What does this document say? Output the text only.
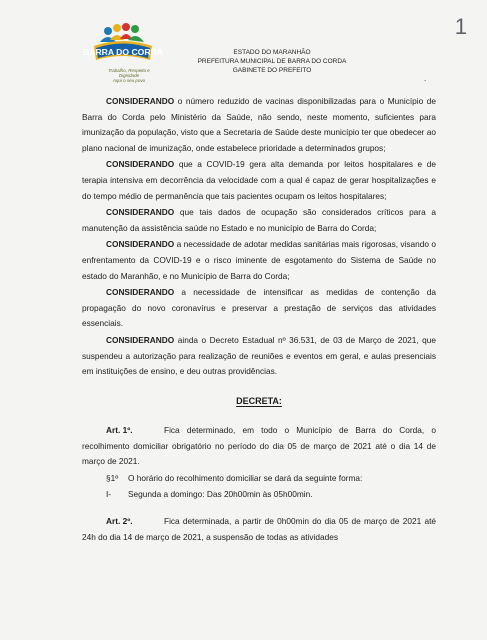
BARRA DO CORDA
Trabalho, Respeito e Dignidade
Aqui o seu povo
ESTADO DO MARANHÃO
PREFEITURA MUNICIPAL DE BARRA DO CORDA
GABINETE DO PREFEITO
.

CONSIDERANDO o número reduzido de vacinas disponibilizadas para o Município de Barra do Corda pelo Ministério da Saúde, não sendo, neste momento, suficientes para imunização da população, visto que a Secretaria de Saúde deste município ter que obedecer ao plano nacional de imunização, onde estabelece prioridade a determinados grupos;

CONSIDERANDO que a COVID-19 gera alta demanda por leitos hospitalares e de terapia intensiva em decorrência da velocidade com a qual é capaz de gerar hospitalizações e do tempo médio de permanência que tais pacientes ocupam os leitos hospitalares;

CONSIDERANDO que tais dados de ocupação são considerados críticos para a manutenção da assistência saúde no Estado e no município de Barra do Corda;

CONSIDERANDO a necessidade de adotar medidas sanitárias mais rigorosas, visando o enfrentamento da COVID-19 e o risco iminente de esgotamento do Sistema de Saúde no estado do Maranhão, e no Município de Barra do Corda;

CONSIDERANDO a necessidade de intensificar as medidas de contenção da propagação do novo coronavírus e preservar a prestação de serviços das atividades essenciais.

CONSIDERANDO ainda o Decreto Estadual nº 36.531, de 03 de Março de 2021, que suspendeu a autorização para realização de reuniões e eventos em geral, e aulas presenciais em instituições de ensino, e deu outras providências.

DECRETA:

Art. 1º.	Fica determinado, em todo o Município de Barra do Corda, o recolhimento domiciliar obrigatório no período do dia 05 de março de 2021 até o dia 14 de março de 2021.

§1º	O horário do recolhimento domiciliar se dará da seguinte forma:

I-	Segunda a domingo: Das 20h00min às 05h00min.

Art. 2º.	Fica determinada, a partir de 0h00min do dia 05 de março de 2021 até 24h do dia 14 de março de 2021, a suspensão de todas as atividades

1
